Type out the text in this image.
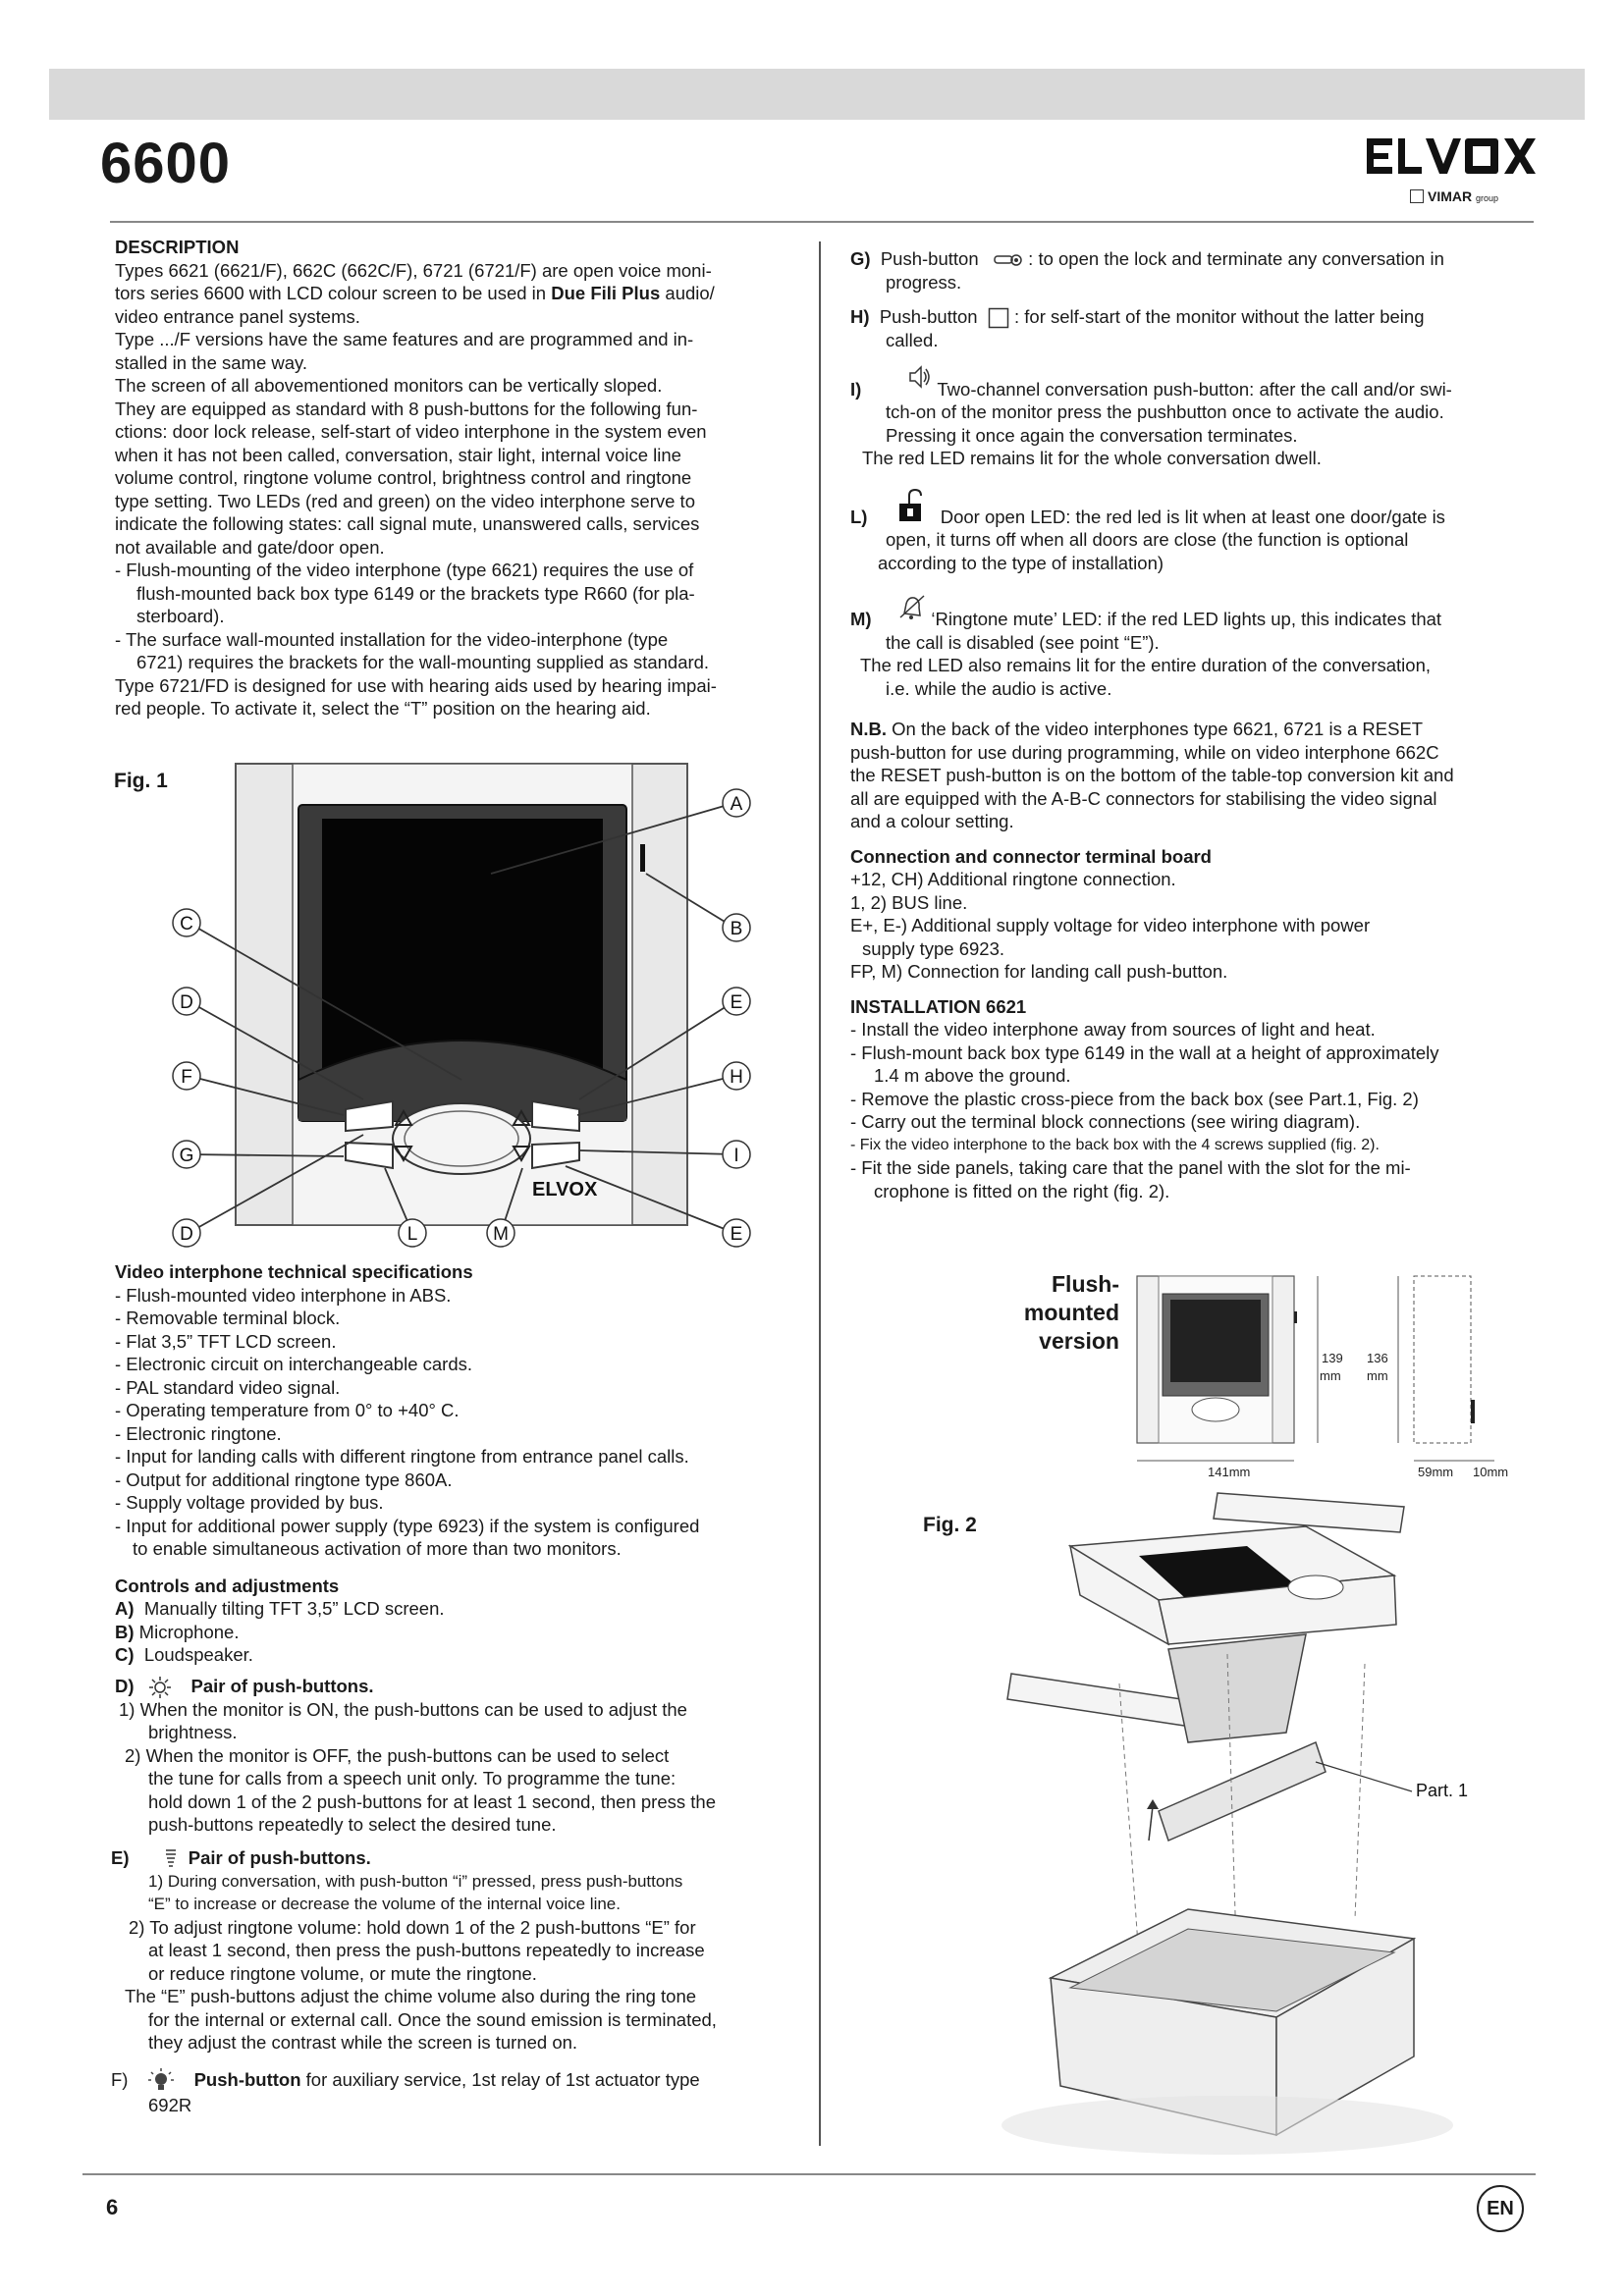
6600
VIMAR group

DESCRIPTION

Types 6621 (6621/F), 662C (662C/F), 6721 (6721/F) are open voice moni-

tors series 6600 with LCD colour screen to be used in Due Fili Plus audio/

video entrance panel systems.

Type .../F versions have the same features and are programmed and in-

stalled in the same way.

The screen of all abovementioned monitors can be vertically sloped.

They are equipped as standard with 8 push-buttons for the following fun-

ctions: door lock release, self-start of video interphone in the system even

when it has not been called, conversation, stair light, internal voice line

volume control, ringtone volume control, brightness control and ringtone

type setting. Two LEDs (red and green) on the video interphone serve to

indicate the following states: call signal mute, unanswered calls, services

not available and gate/door open.

- Flush-mounting of the video interphone (type 6621) requires the use of

flush-mounted back box type 6149 or the brackets type R660 (for pla-

sterboard).

- The surface wall-mounted installation for the video-interphone (type

6721) requires the brackets for the wall-mounting supplied as standard.

Type 6721/FD is designed for use with hearing aids used by hearing impai-

red people. To activate it, select the “T” position on the hearing aid.

Fig. 1
ELVOX
A
B
C
D	E
F
G
H
I
D	L	M	E

Video interphone technical specifications

- Flush-mounted video interphone in ABS.

- Removable terminal block.

- Flat 3,5” TFT LCD screen.

- Electronic circuit on interchangeable cards.

- PAL standard video signal.

- Operating temperature from 0° to +40° C.

- Electronic ringtone.

- Input for landing calls with different ringtone from entrance panel calls.

- Output for additional ringtone type 860A.

- Supply voltage provided by bus.

- Input for additional power supply (type 6923) if the system is configured

to enable simultaneous activation of more than two monitors.

Controls and adjustments

A) Manually tilting TFT 3,5” LCD screen.

B) Microphone.

C) Loudspeaker.

D)	Pair of push-buttons.

1) When the monitor is ON, the push-buttons can be used to adjust the

brightness.

2) When the monitor is OFF, the push-buttons can be used to select

the tune for calls from a speech unit only. To programme the tune:

hold down 1 of the 2 push-buttons for at least 1 second, then press the

push-buttons repeatedly to select the desired tune.

E)	Pair of push-buttons.

1) During conversation, with push-button “i” pressed, press push-buttons

“E” to increase or decrease the volume of the internal voice line.

2) To adjust ringtone volume: hold down 1 of the 2 push-buttons “E” for

at least 1 second, then press the push-buttons repeatedly to increase

or reduce ringtone volume, or mute the ringtone.

The “E” push-buttons adjust the chime volume also during the ring tone

for the internal or external call. Once the sound emission is terminated,

they adjust the contrast while the screen is turned on.

F)	Push-button for auxiliary service, 1st relay of 1st actuator type

692R

G) Push-button	: to open the lock and terminate any conversation in

progress.

H) Push-button : for self-start of the monitor without the latter being

called.

I)	Two-channel conversation push-button: after the call and/or swi-

tch-on of the monitor press the pushbutton once to activate the audio.

Pressing it once again the conversation terminates.

The red LED remains lit for the whole conversation dwell.

L)	Door open LED: the red led is lit when at least one door/gate is

open, it turns off when all doors are close (the function is optional

according to the type of installation)

M)	‘Ringtone mute’ LED: if the red LED lights up, this indicates that

the call is disabled (see point “E”).

The red LED also remains lit for the entire duration of the conversation,

i.e. while the audio is active.

N.B. On the back of the video interphones type 6621, 6721 is a RESET

push-button for use during programming, while on video interphone 662C

the RESET push-button is on the bottom of the table-top conversion kit and

all are equipped with the A-B-C connectors for stabilising the video signal

and a colour setting.

Connection and connector terminal board

+12, CH) Additional ringtone connection.

1, 2) BUS line.

E+, E-) Additional supply voltage for video interphone with power

supply type 6923.

FP, M) Connection for landing call push-button.

INSTALLATION 6621

- Install the video interphone away from sources of light and heat.

- Flush-mount back box type 6149 in the wall at a height of approximately

1.4 m above the ground.

- Remove the plastic cross-piece from the back box (see Part.1, Fig. 2)

- Carry out the terminal block connections (see wiring diagram).

- Fix the video interphone to the back box with the 4 screws supplied (fig. 2).

- Fit the side panels, taking care that the panel with the slot for the mi-

crophone is fitted on the right (fig. 2).

Flush-
mounted
version
139
mm
136
mm
141mm	59mm 10mm
Fig. 2
Part. 1
6	EN
